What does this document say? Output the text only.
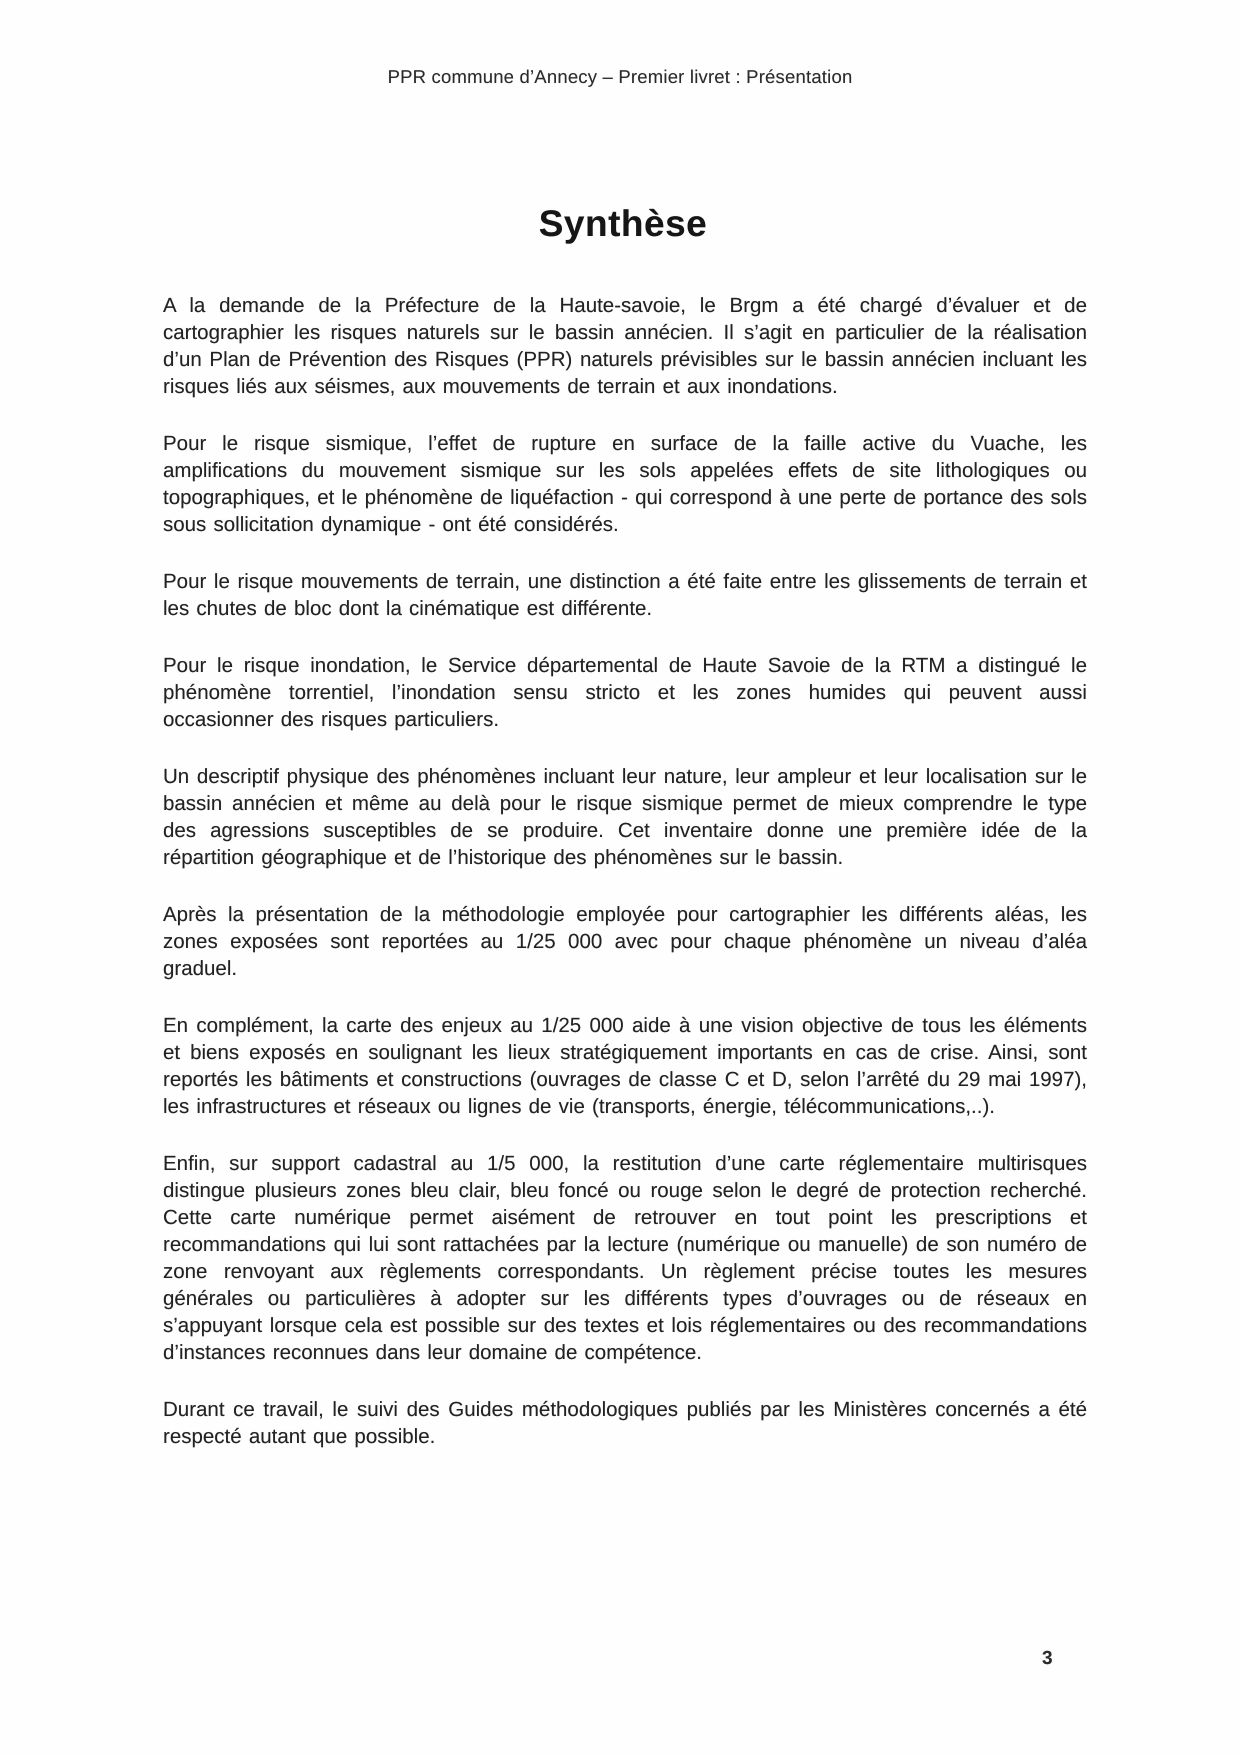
PPR commune d’Annecy – Premier livret : Présentation
Synthèse

A la demande de la Préfecture de la Haute-savoie, le Brgm a été chargé d’évaluer et de cartographier les risques naturels sur le bassin annécien. Il s’agit en particulier de la réalisation d’un Plan de Prévention des Risques (PPR) naturels prévisibles sur le bassin annécien incluant les risques liés aux séismes, aux mouvements de terrain et aux inondations.

Pour le risque sismique, l’effet de rupture en surface de la faille active du Vuache, les amplifications du mouvement sismique sur les sols appelées effets de site lithologiques ou topographiques, et le phénomène de liquéfaction - qui correspond à une perte de portance des sols sous sollicitation dynamique - ont été considérés.

Pour le risque mouvements de terrain, une distinction a été faite entre les glissements de terrain et les chutes de bloc dont la cinématique est différente.

Pour le risque inondation, le Service départemental de Haute Savoie de la RTM a distingué le phénomène torrentiel, l’inondation sensu stricto et les zones humides qui peuvent aussi occasionner des risques particuliers.

Un descriptif physique des phénomènes incluant leur nature, leur ampleur et leur localisation sur le bassin annécien et même au delà pour le risque sismique permet de mieux comprendre le type des agressions susceptibles de se produire. Cet inventaire donne une première idée de la répartition géographique et de l’historique des phénomènes sur le bassin.

Après la présentation de la méthodologie employée pour cartographier les différents aléas, les zones exposées sont reportées au 1/25 000 avec pour chaque phénomène un niveau d’aléa graduel.

En complément, la carte des enjeux au 1/25 000 aide à une vision objective de tous les éléments et biens exposés en soulignant les lieux stratégiquement importants en cas de crise. Ainsi, sont reportés les bâtiments et constructions (ouvrages de classe C et D, selon l’arrêté du 29 mai 1997), les infrastructures et réseaux ou lignes de vie (transports, énergie, télécommunications,..).

Enfin, sur support cadastral au 1/5 000, la restitution d’une carte réglementaire multirisques distingue plusieurs zones bleu clair, bleu foncé ou rouge selon le degré de protection recherché. Cette carte numérique permet aisément de retrouver en tout point les prescriptions et recommandations qui lui sont rattachées par la lecture (numérique ou manuelle) de son numéro de zone renvoyant aux règlements correspondants. Un règlement précise toutes les mesures générales ou particulières à adopter sur les différents types d’ouvrages ou de réseaux en s’appuyant lorsque cela est possible sur des textes et lois réglementaires ou des recommandations d’instances reconnues dans leur domaine de compétence.

Durant ce travail, le suivi des Guides méthodologiques publiés par les Ministères concernés a été respecté autant que possible.

3
